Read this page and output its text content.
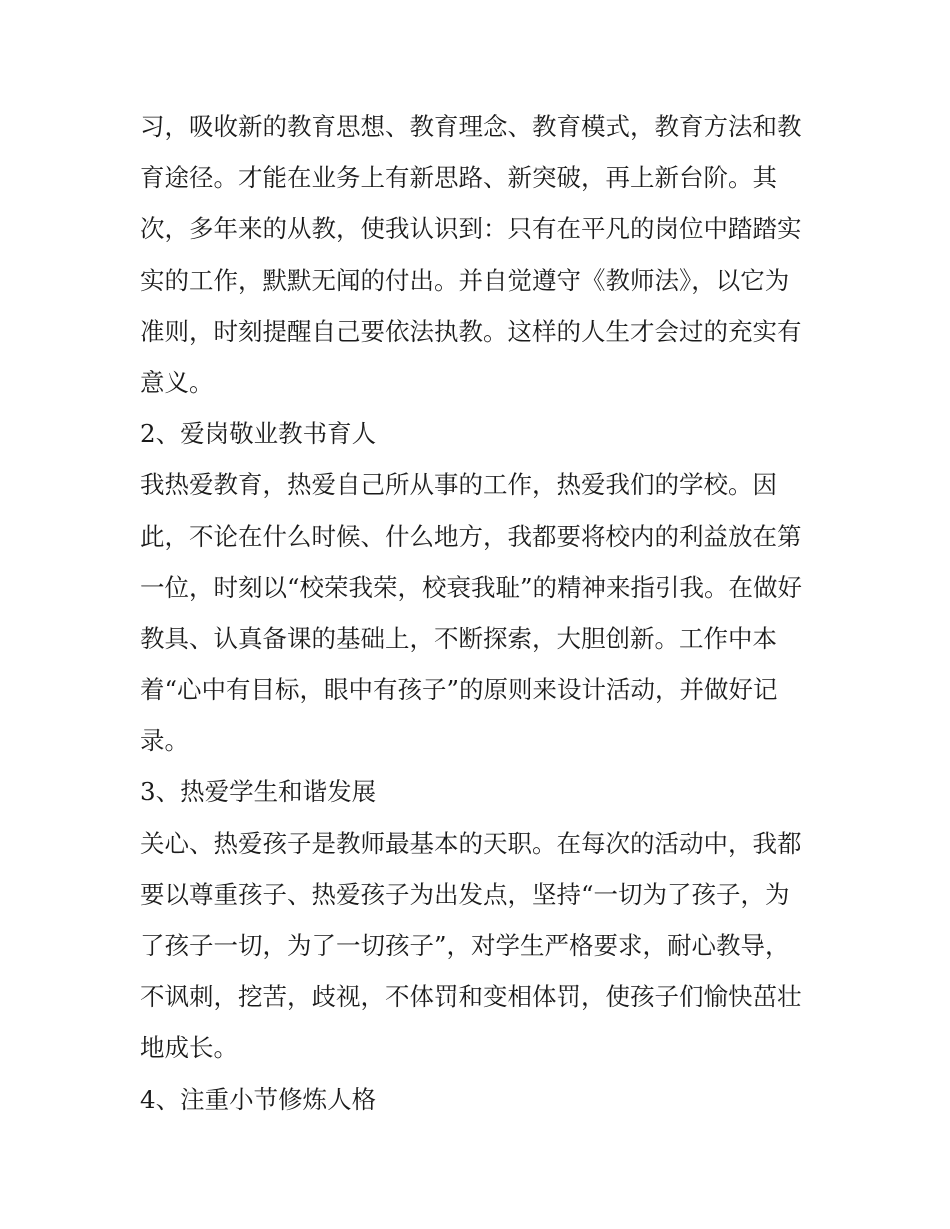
习，吸收新的教育思想、教育理念、教育模式，教育方法和教
育途径。才能在业务上有新思路、新突破，再上新台阶。其
次，多年来的从教，使我认识到：只有在平凡的岗位中踏踏实
实的工作，默默无闻的付出。并自觉遵守《教师法》，以它为
准则，时刻提醒自己要依法执教。这样的人生才会过的充实有
意义。
2、爱岗敬业教书育人
我热爱教育，热爱自己所从事的工作，热爱我们的学校。因
此，不论在什么时候、什么地方，我都要将校内的利益放在第
一位，时刻以“校荣我荣，校衰我耻”的精神来指引我。在做好
教具、认真备课的基础上，不断探索，大胆创新。工作中本
着“心中有目标，眼中有孩子”的原则来设计活动，并做好记
录。
3、热爱学生和谐发展
关心、热爱孩子是教师最基本的天职。在每次的活动中，我都
要以尊重孩子、热爱孩子为出发点，坚持“一切为了孩子，为
了孩子一切，为了一切孩子”，对学生严格要求，耐心教导，
不讽刺，挖苦，歧视，不体罚和变相体罚，使孩子们愉快茁壮
地成长。
4、注重小节修炼人格
